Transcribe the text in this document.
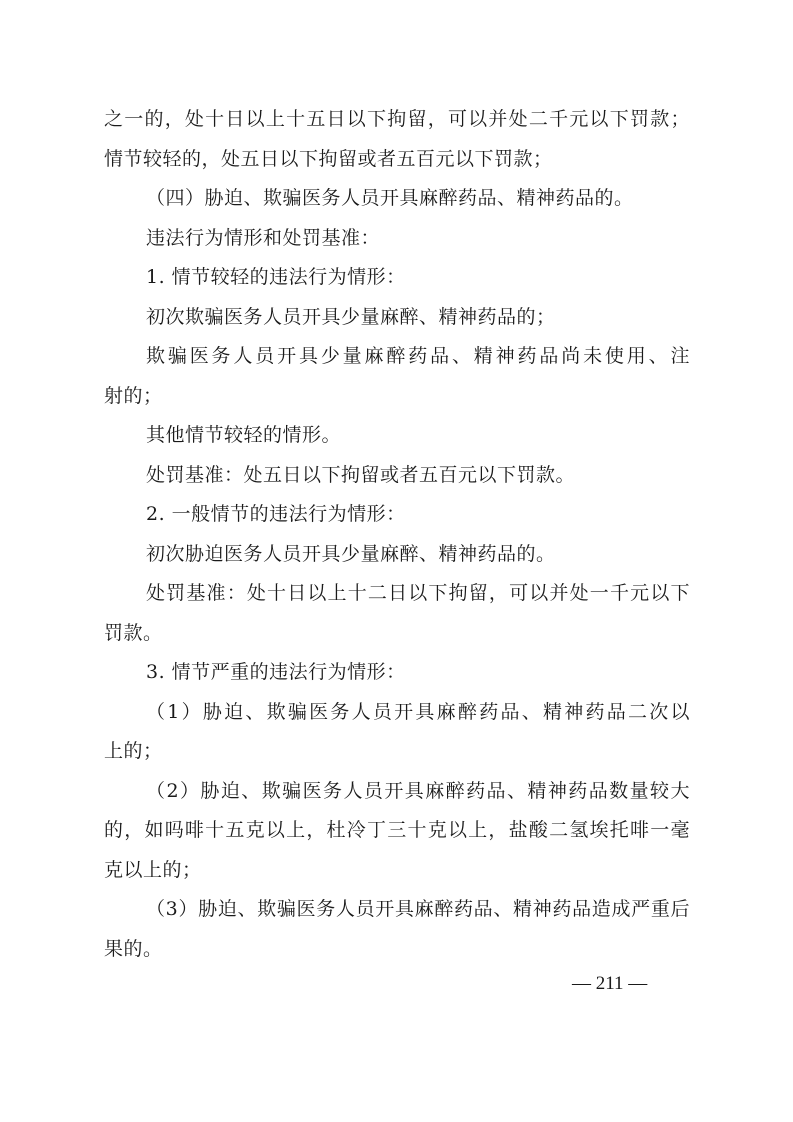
之一的，处十日以上十五日以下拘留，可以并处二千元以下罚款；
情节较轻的，处五日以下拘留或者五百元以下罚款；
（四）胁迫、欺骗医务人员开具麻醉药品、精神药品的。
违法行为情形和处罚基准：
1. 情节较轻的违法行为情形：
初次欺骗医务人员开具少量麻醉、精神药品的；
欺骗医务人员开具少量麻醉药品、精神药品尚未使用、注
射的；
其他情节较轻的情形。
处罚基准：处五日以下拘留或者五百元以下罚款。
2. 一般情节的违法行为情形：
初次胁迫医务人员开具少量麻醉、精神药品的。
处罚基准：处十日以上十二日以下拘留，可以并处一千元以下
罚款。
3. 情节严重的违法行为情形：
（1）胁迫、欺骗医务人员开具麻醉药品、精神药品二次以
上的；
（2）胁迫、欺骗医务人员开具麻醉药品、精神药品数量较大
的，如吗啡十五克以上，杜冷丁三十克以上，盐酸二氢埃托啡一毫
克以上的；
（3）胁迫、欺骗医务人员开具麻醉药品、精神药品造成严重后
果的。
— 211 —
